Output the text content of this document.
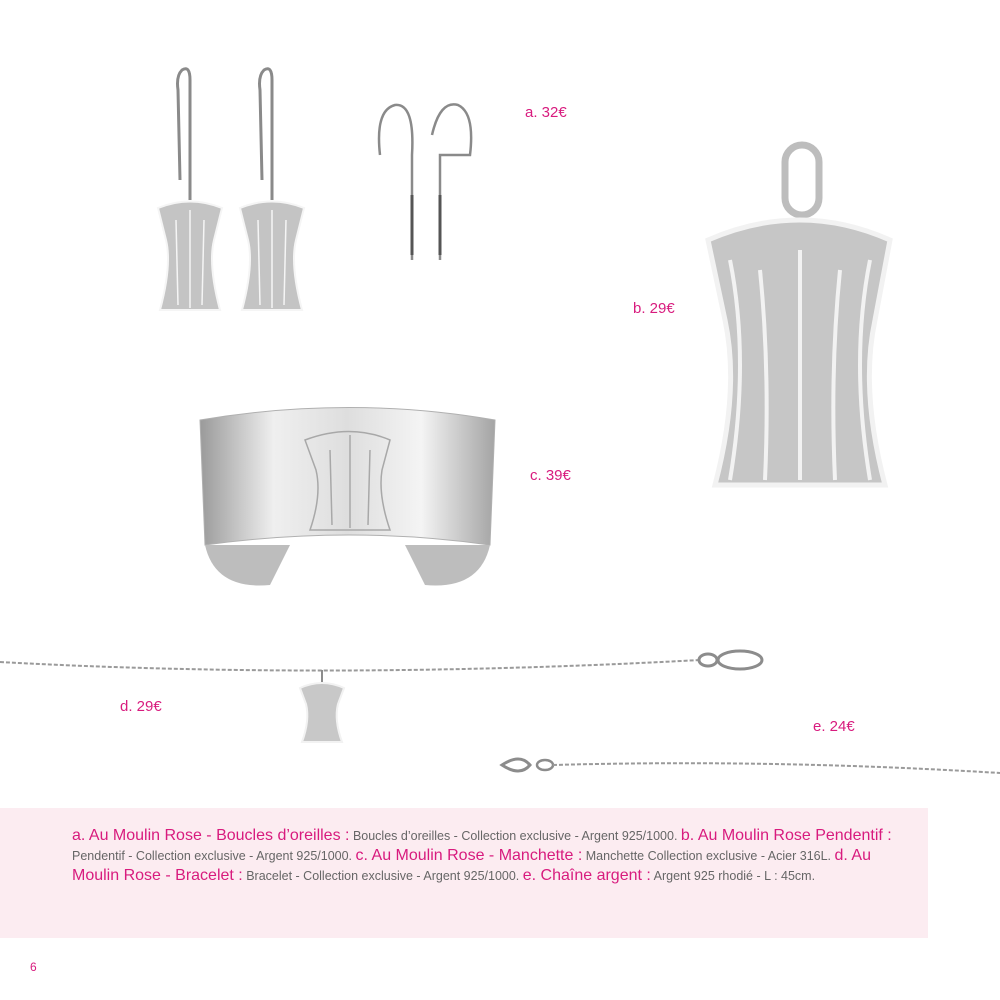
a. 32€
b. 29€
c. 39€
d. 29€
e. 24€
a. Au Moulin Rose - Boucles d’oreilles : Boucles d’oreilles - Collection exclusive - Argent 925/1000. b. Au Moulin Rose Pendentif : Pendentif - Collection exclusive - Argent 925/1000. c. Au Moulin Rose - Manchette : Manchette Collection exclusive - Acier 316L. d. Au Moulin Rose - Bracelet : Bracelet - Collection exclusive - Argent 925/1000. e. Chaîne argent : Argent 925 rhodié - L : 45cm.
6
